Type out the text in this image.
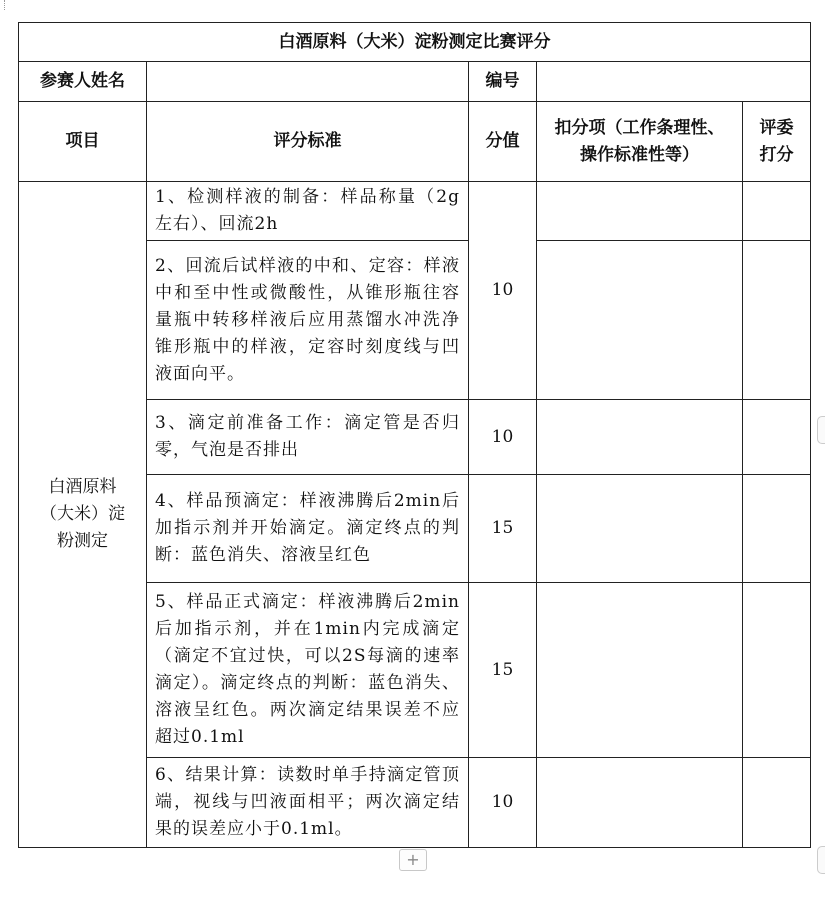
白酒原料（大米）淀粉测定比赛评分				
参赛人姓名		编号		
项目	评分标准	分值	扣分项（工作条理性、操作标准性等）	评委打分
白酒原料（大米）淀粉测定	1、检测样液的制备：样品称量（2g左右）、回流2h	10		
	2、回流后试样液的中和、定容：样液中和至中性或微酸性，从锥形瓶往容量瓶中转移样液后应用蒸馏水冲洗净锥形瓶中的样液，定容时刻度线与凹液面向平。			
	3、滴定前准备工作：滴定管是否归零，气泡是否排出	10		
	4、样品预滴定：样液沸腾后2min后加指示剂并开始滴定。滴定终点的判断：蓝色消失、溶液呈红色	15		
	5、样品正式滴定：样液沸腾后2min后加指示剂，并在1min内完成滴定（滴定不宜过快，可以2S每滴的速率滴定）。滴定终点的判断：蓝色消失、溶液呈红色。两次滴定结果误差不应超过0.1ml	15		
	6、结果计算：读数时单手持滴定管顶端，视线与凹液面相平；两次滴定结果的误差应小于0.1ml。	10		
+
